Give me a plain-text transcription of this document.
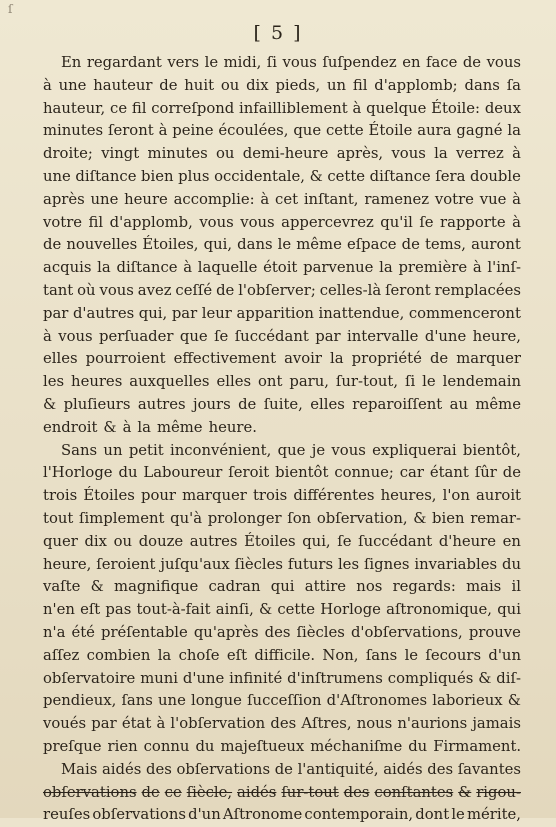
ſ
[ 5 ]
En regardant vers le midi, ſi vous ſuſpendez en face de vous
à une hauteur de huit ou dix pieds, un fil d'applomb; dans ſa
hauteur, ce fil correſpond infailliblement à quelque Étoile: deux
minutes ſeront à peine écoulées, que cette Étoile aura gagné la
droite; vingt minutes ou demi-heure après, vous la verrez à
une diſtance bien plus occidentale, & cette diſtance ſera double
après une heure accomplie: à cet inſtant, ramenez votre vue à
votre fil d'applomb, vous vous appercevrez qu'il ſe rapporte à
de nouvelles Étoiles, qui, dans le même eſpace de tems, auront
acquis la diſtance à laquelle étoit parvenue la première à l'inſ-
tant où vous avez ceſſé de l'obſerver; celles-là ſeront remplacées
par d'autres qui, par leur apparition inattendue, commenceront
à vous perſuader que ſe ſuccédant par intervalle d'une heure,
elles pourroient effectivement avoir la propriété de marquer
les heures auxquelles elles ont paru, ſur-tout, ſi le lendemain
& pluſieurs autres jours de ſuite, elles reparoiſſent au même
endroit & à la même heure.
Sans un petit inconvénient, que je vous expliquerai bientôt,
l'Horloge du Laboureur ſeroit bientôt connue; car étant ſûr de
trois Étoiles pour marquer trois différentes heures, l'on auroit
tout ſimplement qu'à prolonger ſon obſervation, & bien remar-
quer dix ou douze autres Étoiles qui, ſe ſuccédant d'heure en
heure, ſeroient juſqu'aux ſiècles futurs les ſignes invariables du
vaſte & magnifique cadran qui attire nos regards: mais il
n'en eſt pas tout-à-fait ainſi, & cette Horloge aſtronomique, qui
n'a été préſentable qu'après des ſiècles d'obſervations, prouve
aſſez combien la choſe eſt difficile. Non, ſans le ſecours d'un
obſervatoire muni d'une infinité d'inſtrumens compliqués & diſ-
pendieux, ſans une longue ſucceſſion d'Aſtronomes laborieux &
voués par état à l'obſervation des Aſtres, nous n'aurions jamais
preſque rien connu du majeſtueux méchaniſme du Firmament.
Mais aidés des obſervations de l'antiquité, aidés des ſavantes
obſervations de ce ſiècle, aidés ſur-tout des conſtantes & rigou-
reuſes obſervations d'un Aſtronome contemporain, dont le mérite,
